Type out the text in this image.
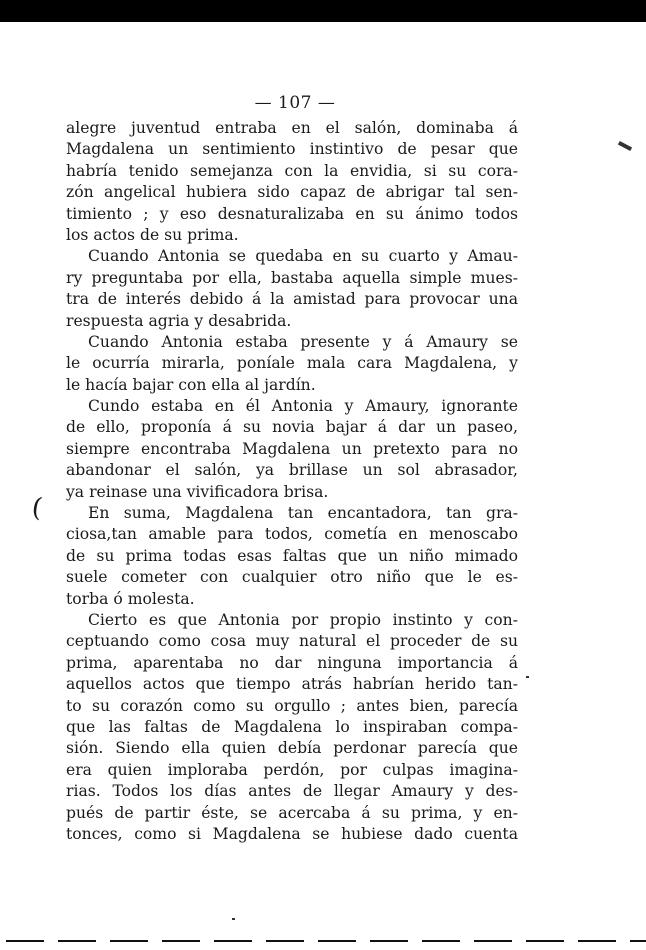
— 107 —
alegre juventud entraba en el salón, dominaba á
Magdalena un sentimiento instintivo de pesar que
habría tenido semejanza con la envidia, si su cora-
zón angelical hubiera sido capaz de abrigar tal sen-
timiento ; y eso desnaturalizaba en su ánimo todos
los actos de su prima.
Cuando Antonia se quedaba en su cuarto y Amau-
ry preguntaba por ella, bastaba aquella simple mues-
tra de interés debido á la amistad para provocar una
respuesta agria y desabrida.
Cuando Antonia estaba presente y á Amaury se
le ocurría mirarla, poníale mala cara Magdalena, y
le hacía bajar con ella al jardín.
Cundo estaba en él Antonia y Amaury, ignorante
de ello, proponía á su novia bajar á dar un paseo,
siempre encontraba Magdalena un pretexto para no
abandonar el salón, ya brillase un sol abrasador,
ya reinase una vivificadora brisa.
En suma, Magdalena tan encantadora, tan gra-
ciosa,tan amable para todos, cometía en menoscabo
de su prima todas esas faltas que un niño mimado
suele cometer con cualquier otro niño que le es-
torba ó molesta.
Cierto es que Antonia por propio instinto y con-
ceptuando como cosa muy natural el proceder de su
prima, aparentaba no dar ninguna importancia á
aquellos actos que tiempo atrás habrían herido tan-
to su corazón como su orgullo ; antes bien, parecía
que las faltas de Magdalena lo inspiraban compa-
sión. Siendo ella quien debía perdonar parecía que
era quien imploraba perdón, por culpas imagina-
rias. Todos los días antes de llegar Amaury y des-
pués de partir éste, se acercaba á su prima, y en-
tonces, como si Magdalena se hubiese dado cuenta
(
